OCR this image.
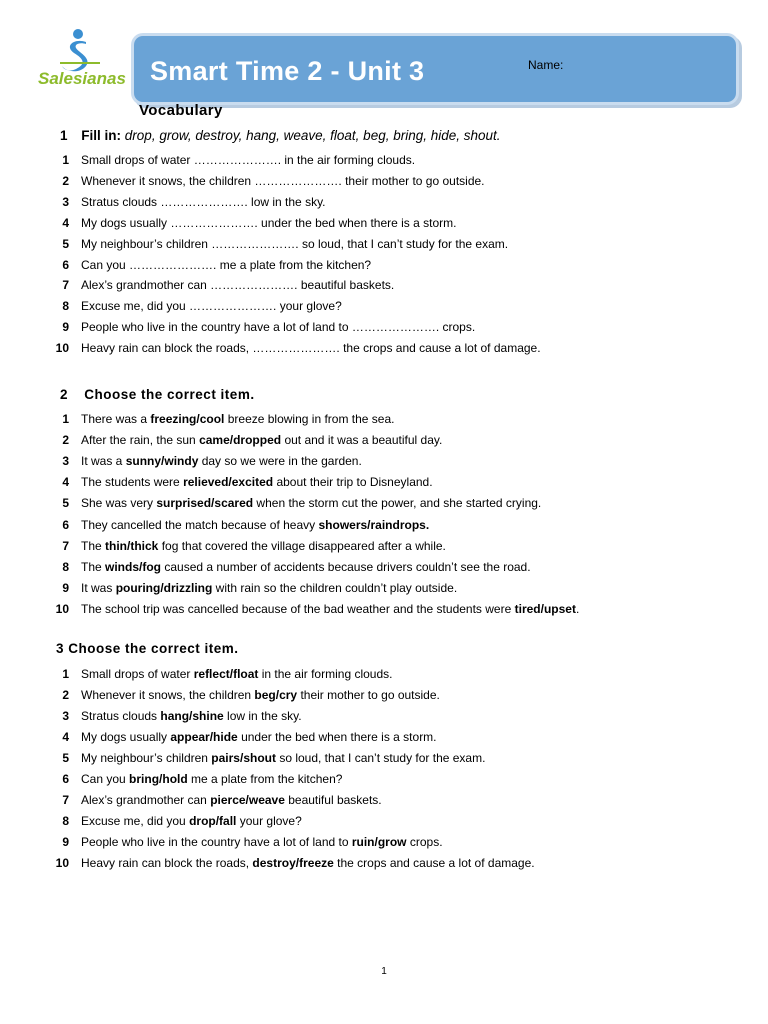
Salesianas Smart Time 2 - Unit 3	Name:
Vocabulary
1 Fill in: drop, grow, destroy, hang, weave, float, beg, bring, hide, shout.
1 Small drops of water …………………. in the air forming clouds.
2 Whenever it snows, the children …………………. their mother to go outside.
3 Stratus clouds …………………. low in the sky.
4 My dogs usually …………………. under the bed when there is a storm.
5 My neighbour’s children …………………. so loud, that I can’t study for the exam.
6 Can you …………………. me a plate from the kitchen?
7 Alex’s grandmother can …………………. beautiful baskets.
8 Excuse me, did you …………………. your glove?
9 People who live in the country have a lot of land to …………………. crops.
10 Heavy rain can block the roads, …………………. the crops and cause a lot of damage.
2 Choose the correct item.
1 There was a freezing/cool breeze blowing in from the sea.
2 After the rain, the sun came/dropped out and it was a beautiful day.
3 It was a sunny/windy day so we were in the garden.
4 The students were relieved/excited about their trip to Disneyland.
5 She was very surprised/scared when the storm cut the power, and she started crying.
6 They cancelled the match because of heavy showers/raindrops.
7 The thin/thick fog that covered the village disappeared after a while.
8 The winds/fog caused a number of accidents because drivers couldn’t see the road.
9 It was pouring/drizzling with rain so the children couldn’t play outside.
10 The school trip was cancelled because of the bad weather and the students were tired/upset.
3 Choose the correct item.
1 Small drops of water reflect/float in the air forming clouds.
2 Whenever it snows, the children beg/cry their mother to go outside.
3 Stratus clouds hang/shine low in the sky.
4 My dogs usually appear/hide under the bed when there is a storm.
5 My neighbour’s children pairs/shout so loud, that I can’t study for the exam.
6 Can you bring/hold me a plate from the kitchen?
7 Alex’s grandmother can pierce/weave beautiful baskets.
8 Excuse me, did you drop/fall your glove?
9 People who live in the country have a lot of land to ruin/grow crops.
10 Heavy rain can block the roads, destroy/freeze the crops and cause a lot of damage.
1
